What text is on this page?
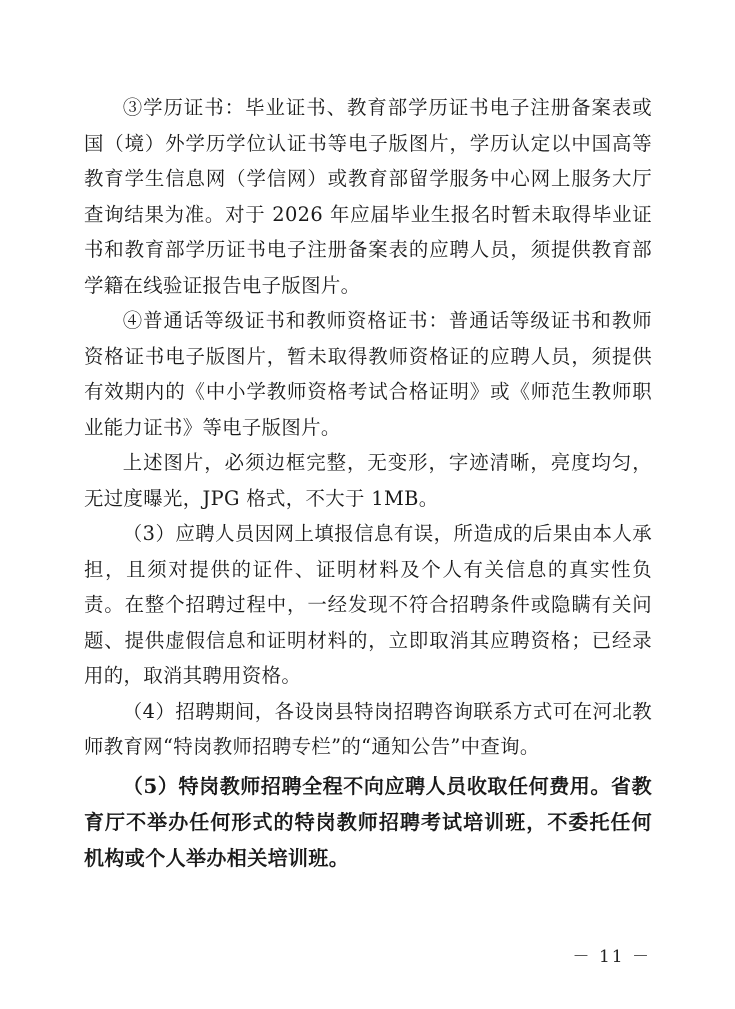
③学历证书：毕业证书、教育部学历证书电子注册备案表或国（境）外学历学位认证书等电子版图片，学历认定以中国高等教育学生信息网（学信网）或教育部留学服务中心网上服务大厅查询结果为准。对于 2026 年应届毕业生报名时暂未取得毕业证书和教育部学历证书电子注册备案表的应聘人员，须提供教育部学籍在线验证报告电子版图片。

④普通话等级证书和教师资格证书：普通话等级证书和教师资格证书电子版图片，暂未取得教师资格证的应聘人员，须提供有效期内的《中小学教师资格考试合格证明》或《师范生教师职业能力证书》等电子版图片。

上述图片，必须边框完整，无变形，字迹清晰，亮度均匀，无过度曝光，JPG 格式，不大于 1MB。

（3）应聘人员因网上填报信息有误，所造成的后果由本人承担，且须对提供的证件、证明材料及个人有关信息的真实性负责。在整个招聘过程中，一经发现不符合招聘条件或隐瞒有关问题、提供虚假信息和证明材料的，立即取消其应聘资格；已经录用的，取消其聘用资格。

（4）招聘期间，各设岗县特岗招聘咨询联系方式可在河北教师教育网“特岗教师招聘专栏”的“通知公告”中查询。

（5）特岗教师招聘全程不向应聘人员收取任何费用。省教育厅不举办任何形式的特岗教师招聘考试培训班，不委托任何机构或个人举办相关培训班。

－ 11 －
